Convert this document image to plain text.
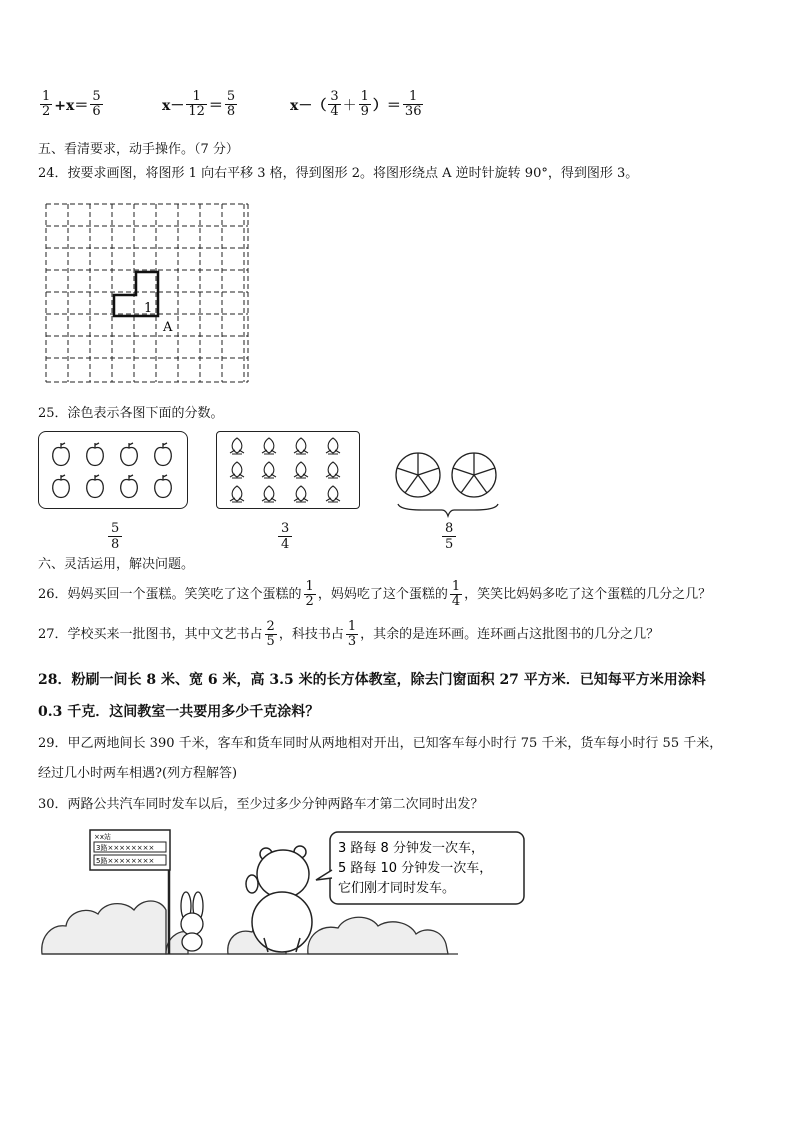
$\frac{1}{2} +x= \frac{5}{6}$	$x- \frac{1}{12} = \frac{5}{8}$	$x-( \frac{3}{4} + \frac{1}{9}$ ）＝ $\frac{1}{36}$
五、看清要求，动手操作。（7 分）
24．按要求画图，将图形 1 向右平移 3 格，得到图形 2。将图形绕点 A 逆时针旋转 90°，得到图形 3。
1
A
25．涂色表示各图下面的分数。
5
8
3
4
8
5
六、灵活运用，解决问题。
26．妈妈买回一个蛋糕。笑笑吃了这个蛋糕的 $\frac{1}{2}$ ，妈妈吃了这个蛋糕的 $\frac{1}{4}$ ，笑笑比妈妈多吃了这个蛋糕的几分之几？
27．学校买来一批图书，其中文艺书占 $\frac{2}{5}$ ，科技书占 $\frac{1}{3}$ ，其余的是连环画。连环画占这批图书的几分之几？
28．粉刷一间长 8 米、宽 6 米，高 3.5 米的长方体教室，除去门窗面积 27 平方米．已知每平方米用涂料
0.3 千克．这间教室一共要用多少千克涂料？
29．甲乙两地间长 390 千米，客车和货车同时从两地相对开出，已知客车每小时行 75 千米，货车每小时行 55 千米，
经过几小时两车相遇?(列方程解答)
30．两路公共汽车同时发车以后，至少过多少分钟两路车才第二次同时出发？
×x站
3路××××××××
5路××××××××
3 路每 8 分钟发一次车，
5 路每 10 分钟发一次车，
它们刚才同时发车。
